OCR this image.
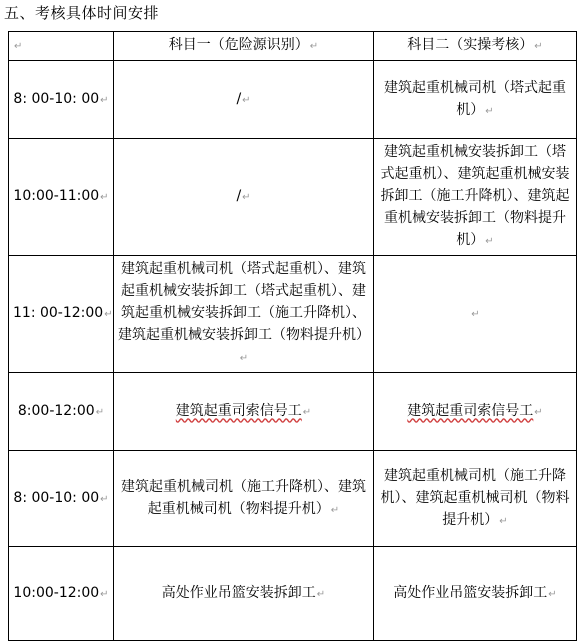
五、考核具体时间安排
↵	科目一（危险源识别）↵	科目二（实操考核）↵
8: 00-10: 00↵	/↵	建筑起重机械司机（塔式起重机）↵
10:00-11:00↵	/↵	建筑起重机械安装拆卸工（塔式起重机）、建筑起重机械安装拆卸工（施工升降机）、建筑起重机械安装拆卸工（物料提升机）↵
11: 00-12:00↵	建筑起重机械司机（塔式起重机）、建筑起重机械安装拆卸工（塔式起重机）、建筑起重机械安装拆卸工（施工升降机）、建筑起重机械安装拆卸工（物料提升机）↵	↵
8:00-12:00↵	建筑起重司索信号工↵	建筑起重司索信号工↵
8: 00-10: 00↵	建筑起重机械司机（施工升降机）、建筑起重机械司机（物料提升机）↵	建筑起重机械司机（施工升降机）、建筑起重机械司机（物料提升机）↵
10:00-12:00↵	高处作业吊篮安装拆卸工↵	高处作业吊篮安装拆卸工↵
